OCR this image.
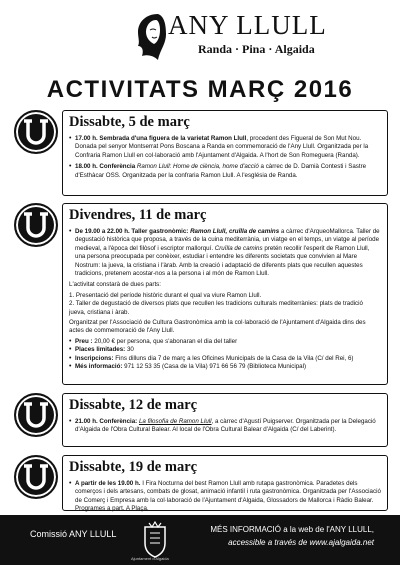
ANY LLULL
Randa · Pina · Algaida
ACTIVITATS MARÇ 2016
Dissabte, 5 de març
• 17.00 h. Sembrada d'una figuera de la varietat Ramon Llull, procedent des Figueral de Son Mut Nou. Donada pel senyor Montserrat Pons Boscana a Randa en commemoració de l'Any Llull. Organitzada per la Confraria Ramon Llull en col·laboració amb l'Ajuntament d'Algaida. A l'hort de Son Romeguera (Randa).
• 18.00 h. Conferència Ramon Llull: Home de ciència, home d'acció a càrrec de D. Damià Contesti i Sastre d'Esthàcar OSS. Organitzada per la confraria Ramon Llull. A l'església de Randa.
Divendres, 11 de març
• De 19.00 a 22.00 h. Taller gastronòmic: Ramon Llull, cruïlla de camins a càrrec d'ArqueoMallorca. Taller de degustació històrica que proposa, a través de la cuina mediterrània, un viatge en el temps, un viatge al període medieval, a l'època del filòsof i escriptor mallorquí. Cruïlla de camins pretén recollir l'esperit de Ramon Llull, una persona preocupada per conèixer, estudiar i entendre les diferents societats que convivien al Mare Nostrum: la jueva, la cristiana i l'àrab. Amb la creació i adaptació de diferents plats que recullen aquestes tradicions, pretenem acostar-nos a la persona i al món de Ramon Llull.
L'activitat constarà de dues parts:
1. Presentació del període històric durant el qual va viure Ramon Llull.
2. Taller de degustació de diversos plats que recullen les tradicions culturals mediterrànies: plats de tradició jueva, cristiana i àrab.
Organitzat per l'Associació de Cultura Gastronòmica amb la col·laboració de l'Ajuntament d'Algaida dins des actes de commemoració de l'Any Llull.
• Preu : 20,00 € per persona, que s'abonaran el dia del taller
• Places limitades: 30
• Inscripcions: Fins dilluns dia 7 de març a les Oficines Municipals de la Casa de la Vila (C/ del Rei, 6)
• Més informació: 971 12 53 35 (Casa de la Vila) 971 66 56 79 (Biblioteca Municipal)
Dissabte, 12 de març
• 21.00 h. Conferència: La filosofia de Ramon Llull, a càrrec d'Agustí Puigserver. Organitzada per la Delegació d'Algaida de l'Obra Cultural Balear. Al local de l'Obra Cultural Balear d'Algaida (C/ del Laberint).
Dissabte, 19 de març
• A partir de les 19.00 h. I Fira Nocturna del best Ramon Llull amb rutapa gastronòmica. Paradetes dels comerços i dels artesans, combats de glosat, animació infantil i ruta gastronòmica. Organitzada per l'Associació de Comerç i Empresa amb la col·laboració de l'Ajuntament d'Algaida, Glossadors de Mallorca i Ràdio Balear. Programes a part. A Plaça.
Comissió ANY LLULL
Ajuntament d'Algaida
MÉS INFORMACIÓ a la web de l'ANY LLULL,
accessible a través de www.ajalgaida.net
